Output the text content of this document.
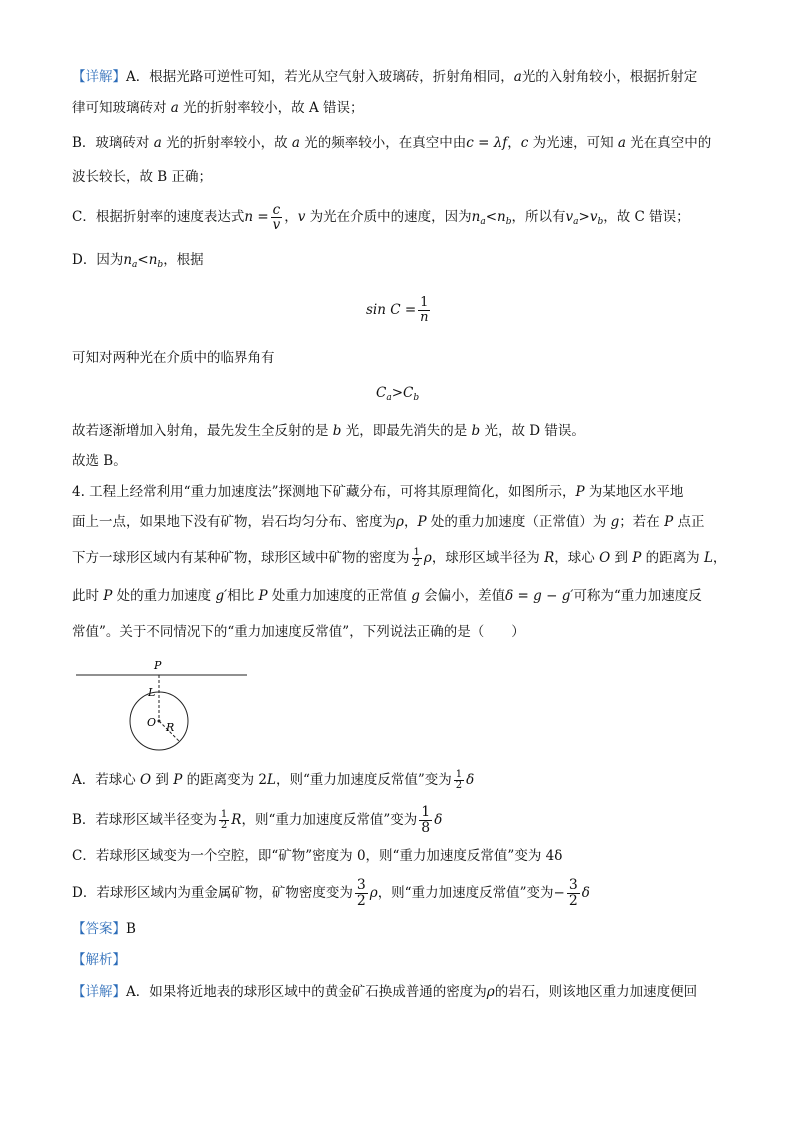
【详解】A．根据光路可逆性可知，若光从空气射入玻璃砖，折射角相同，a光的入射角较小，根据折射定
律可知玻璃砖对 a 光的折射率较小，故 A 错误；
B．玻璃砖对 a 光的折射率较小，故 a 光的频率较小，在真空中由c = λf，c 为光速，可知 a 光在真空中的
波长较长，故 B 正确；
C．根据折射率的速度表达式$n = \frac{c}{v}$ ，v 为光在介质中的速度，因为$n_a<n_b$，所以有$v_a>v_b$，故 C 错误；
D．因为$n_a<n_b$，根据
$\sin C = \frac{1}{n}$
可知对两种光在介质中的临界角有
$C_a>C_b$
故若逐渐增加入射角，最先发生全反射的是 b 光，即最先消失的是 b 光，故 D 错误。
故选 B。
4. 工程上经常利用“重力加速度法”探测地下矿藏分布，可将其原理简化，如图所示，P 为某地区水平地
面上一点，如果地下没有矿物，岩石均匀分布、密度为ρ，P 处的重力加速度（正常值）为 g；若在 P 点正
下方一球形区域内有某种矿物，球形区域中矿物的密度为 $\frac{1}{2}$ ρ，球形区域半径为 R，球心 O 到 P 的距离为 L，
此时 P 处的重力加速度 g′相比 P 处重力加速度的正常值 g 会偏小，差值δ = g − g′可称为“重力加速度反
常值”。关于不同情况下的“重力加速度反常值”，下列说法正确的是（　　）
P
L
O R
A．若球心 O 到 P 的距离变为 2L，则“重力加速度反常值”变为 $\frac{1}{2}$ δ
B．若球形区域半径变为 $\frac{1}{2}$ R，则“重力加速度反常值”变为 $\frac{1}{8}$ δ
C．若球形区域变为一个空腔，即“矿物”密度为 0，则“重力加速度反常值”变为 4δ
D．若球形区域内为重金属矿物，矿物密度变为 $\frac{3}{2}$ ρ，则“重力加速度反常值”变为− $\frac{3}{2}$ δ
【答案】B
【解析】
【详解】A．如果将近地表的球形区域中的黄金矿石换成普通的密度为ρ的岩石，则该地区重力加速度便回
